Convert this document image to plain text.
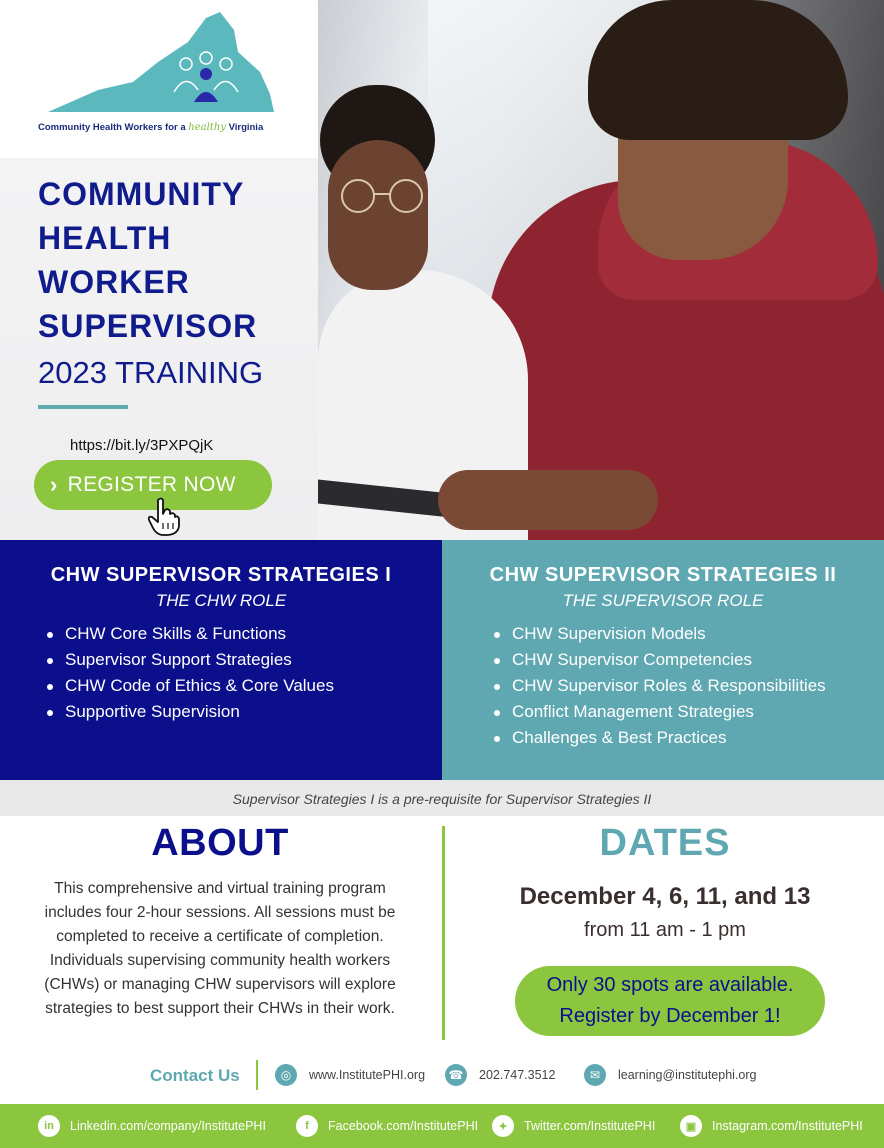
Community Health Workers for a healthy Virginia
COMMUNITY
HEALTH
WORKER
SUPERVISOR
2023 TRAINING
https://bit.ly/3PXPQjK
› REGISTER NOW
CHW SUPERVISOR STRATEGIES I
THE CHW ROLE
CHW Core Skills & Functions
Supervisor Support Strategies
CHW Code of Ethics & Core Values
Supportive Supervision
CHW SUPERVISOR STRATEGIES II
THE SUPERVISOR ROLE
CHW Supervision Models
CHW Supervisor Competencies
CHW Supervisor Roles & Responsibilities
Conflict Management Strategies
Challenges & Best Practices
Supervisor Strategies I is a pre-requisite for Supervisor Strategies II
ABOUT

This comprehensive and virtual training program includes four 2-hour sessions. All sessions must be completed to receive a certificate of completion. Individuals supervising community health workers (CHWs) or managing CHW supervisors will explore strategies to best support their CHWs in their work.

DATES
December 4, 6, 11, and 13
from 11 am - 1 pm
Only 30 spots are available.
Register by December 1!
Contact Us	◎	www.InstitutePHI.org ☎ 202.747.3512	✉	learning@institutephi.org
in	Linkedin.com/company/InstitutePHI	f	Facebook.com/InstitutePHI	✦	Twitter.com/InstitutePHI	▣	Instagram.com/InstitutePHI
